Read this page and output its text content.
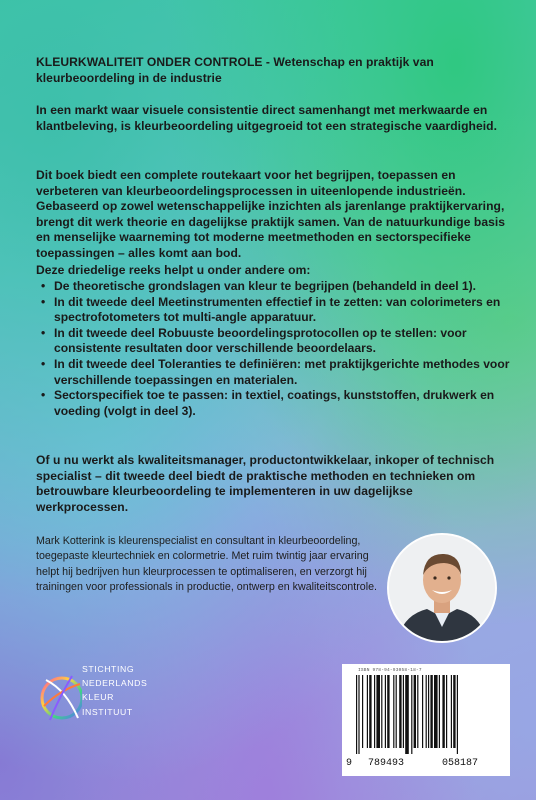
KLEURKWALITEIT ONDER CONTROLE - Wetenschap en praktijk van kleurbeoordeling in de industrie
In een markt waar visuele consistentie direct samenhangt met merkwaarde en klantbeleving, is kleurbeoordeling uitgegroeid tot een strategische vaardigheid.
Dit boek biedt een complete routekaart voor het begrijpen, toepassen en verbeteren van kleurbeoordelingsprocessen in uiteenlopende industrieën. Gebaseerd op zowel wetenschappelijke inzichten als jarenlange praktijkervaring, brengt dit werk theorie en dagelijkse praktijk samen. Van de natuurkundige basis en menselijke waarneming tot moderne meetmethoden en sectorspecifieke toepassingen – alles komt aan bod.
Deze driedelige reeks helpt u onder andere om:
• De theoretische grondslagen van kleur te begrijpen (behandeld in deel 1).
• In dit tweede deel Meetinstrumenten effectief in te zetten: van colorimeters en spectrofotometers tot multi-angle apparatuur.
• In dit tweede deel Robuuste beoordelingsprotocollen op te stellen: voor consistente resultaten door verschillende beoordelaars.
• In dit tweede deel Toleranties te definiëren: met praktijkgerichte methodes voor verschillende toepassingen en materialen.
• Sectorspecifiek toe te passen: in textiel, coatings, kunststoffen, drukwerk en voeding (volgt in deel 3).
Of u nu werkt als kwaliteitsmanager, productontwikkelaar, inkoper of technisch specialist – dit tweede deel biedt de praktische methoden en technieken om betrouwbare kleurbeoordeling te implementeren in uw dagelijkse werkprocessen.
Mark Kotterink is kleurenspecialist en consultant in kleurbeoordeling, toegepaste kleurtechniek en colormetrie. Met ruim twintig jaar ervaring helpt hij bedrijven hun kleurprocessen te optimaliseren, en verzorgt hij trainingen voor professionals in productie, ontwerp en kwaliteitscontrole.
STICHTING
NEDERLANDS
KLEUR
INSTITUUT
ISBN 978-94-93058-18-7
9 789493	058187
